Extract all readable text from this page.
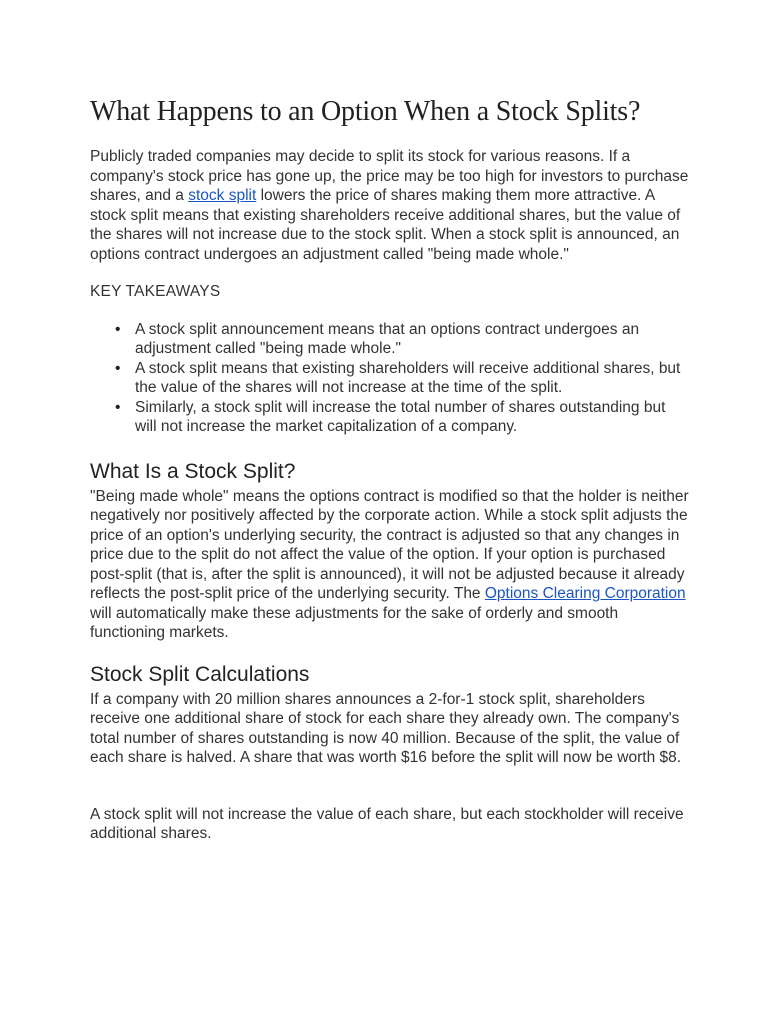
What Happens to an Option When a Stock Splits?

Publicly traded companies may decide to split its stock for various reasons. If a company's stock price has gone up, the price may be too high for investors to purchase shares, and a stock split lowers the price of shares making them more attractive. A stock split means that existing shareholders receive additional shares, but the value of the shares will not increase due to the stock split. When a stock split is announced, an options contract undergoes an adjustment called "being made whole."

KEY TAKEAWAYS
• A stock split announcement means that an options contract undergoes an adjustment called "being made whole."
• A stock split means that existing shareholders will receive additional shares, but the value of the shares will not increase at the time of the split.
• Similarly, a stock split will increase the total number of shares outstanding but will not increase the market capitalization of a company.
What Is a Stock Split?

"Being made whole" means the options contract is modified so that the holder is neither negatively nor positively affected by the corporate action. While a stock split adjusts the price of an option's underlying security, the contract is adjusted so that any changes in price due to the split do not affect the value of the option. If your option is purchased post-split (that is, after the split is announced), it will not be adjusted because it already reflects the post-split price of the underlying security. The Options Clearing Corporation will automatically make these adjustments for the sake of orderly and smooth functioning markets.

Stock Split Calculations

If a company with 20 million shares announces a 2-for-1 stock split, shareholders receive one additional share of stock for each share they already own. The company's total number of shares outstanding is now 40 million. Because of the split, the value of each share is halved. A share that was worth $16 before the split will now be worth $8.

A stock split will not increase the value of each share, but each stockholder will receive additional shares.
